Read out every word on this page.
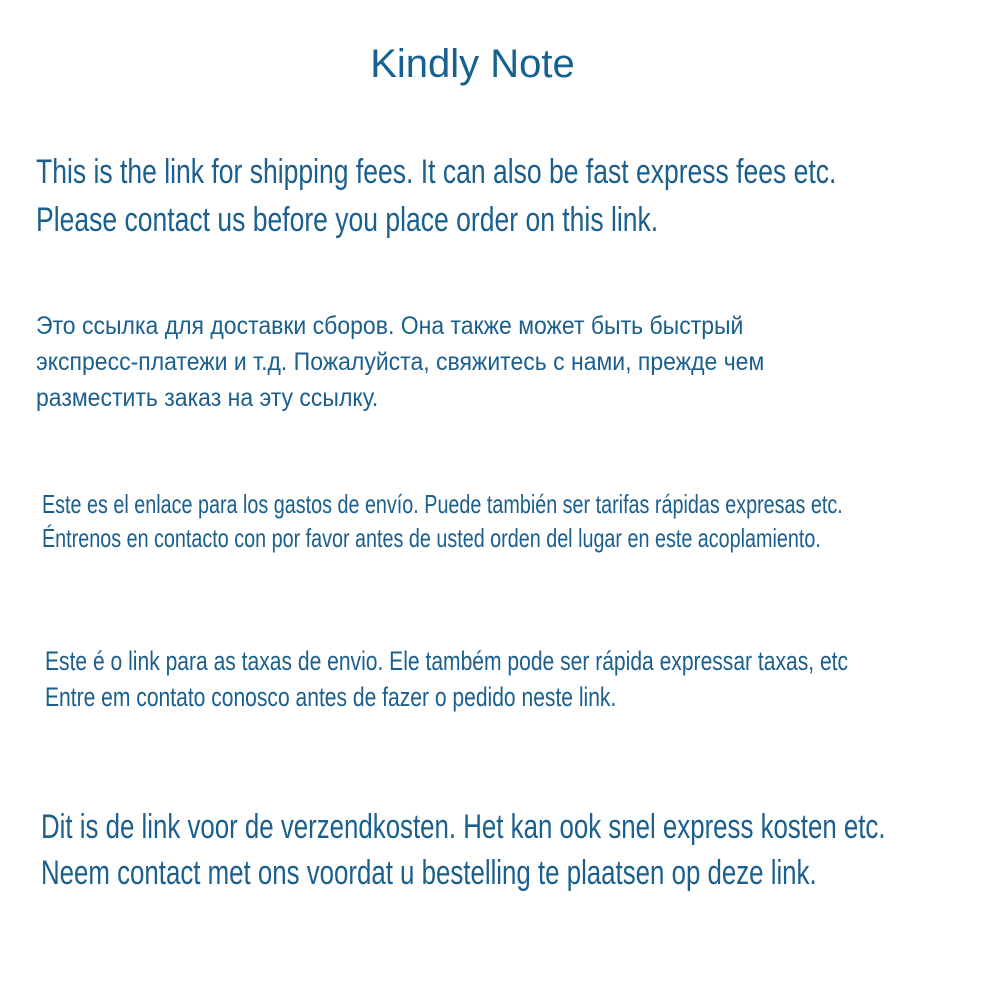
Kindly Note
This is the link for shipping fees. It can also be fast express fees etc.
Please contact us before you place order on this link.
Это ссылка для доставки сборов. Она также может быть быстрый
экспресс-платежи и т.д. Пожалуйста, свяжитесь с нами, прежде чем
разместить заказ на эту ссылку.
Este es el enlace para los gastos de envío. Puede también ser tarifas rápidas expresas etc.
Éntrenos en contacto con por favor antes de usted orden del lugar en este acoplamiento.
Este é o link para as taxas de envio. Ele também pode ser rápida expressar taxas, etc
Entre em contato conosco antes de fazer o pedido neste link.
Dit is de link voor de verzendkosten. Het kan ook snel express kosten etc.
Neem contact met ons voordat u bestelling te plaatsen op deze link.
